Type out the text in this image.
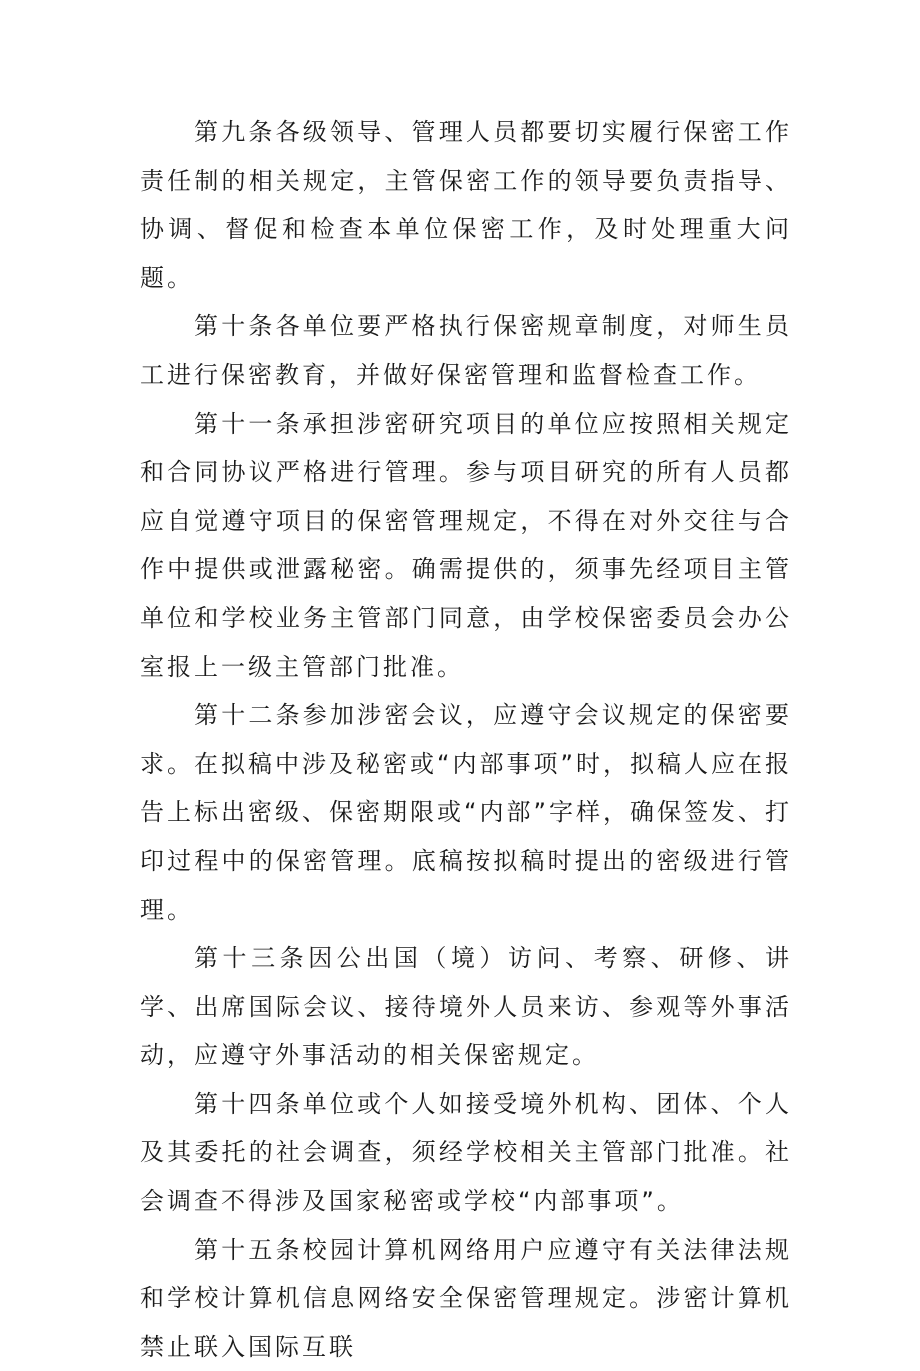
第九条各级领导、管理人员都要切实履行保密工作责任制的相关规定，主管保密工作的领导要负责指导、协调、督促和检查本单位保密工作，及时处理重大问题。

第十条各单位要严格执行保密规章制度，对师生员工进行保密教育，并做好保密管理和监督检查工作。

第十一条承担涉密研究项目的单位应按照相关规定和合同协议严格进行管理。参与项目研究的所有人员都应自觉遵守项目的保密管理规定，不得在对外交往与合作中提供或泄露秘密。确需提供的，须事先经项目主管单位和学校业务主管部门同意，由学校保密委员会办公室报上一级主管部门批准。

第十二条参加涉密会议，应遵守会议规定的保密要求。在拟稿中涉及秘密或“内部事项”时，拟稿人应在报告上标出密级、保密期限或“内部”字样，确保签发、打印过程中的保密管理。底稿按拟稿时提出的密级进行管理。

第十三条因公出国（境）访问、考察、研修、讲学、出席国际会议、接待境外人员来访、参观等外事活动，应遵守外事活动的相关保密规定。

第十四条单位或个人如接受境外机构、团体、个人及其委托的社会调查，须经学校相关主管部门批准。社会调查不得涉及国家秘密或学校“内部事项”。

第十五条校园计算机网络用户应遵守有关法律法规和学校计算机信息网络安全保密管理规定。涉密计算机禁止联入国际互联
